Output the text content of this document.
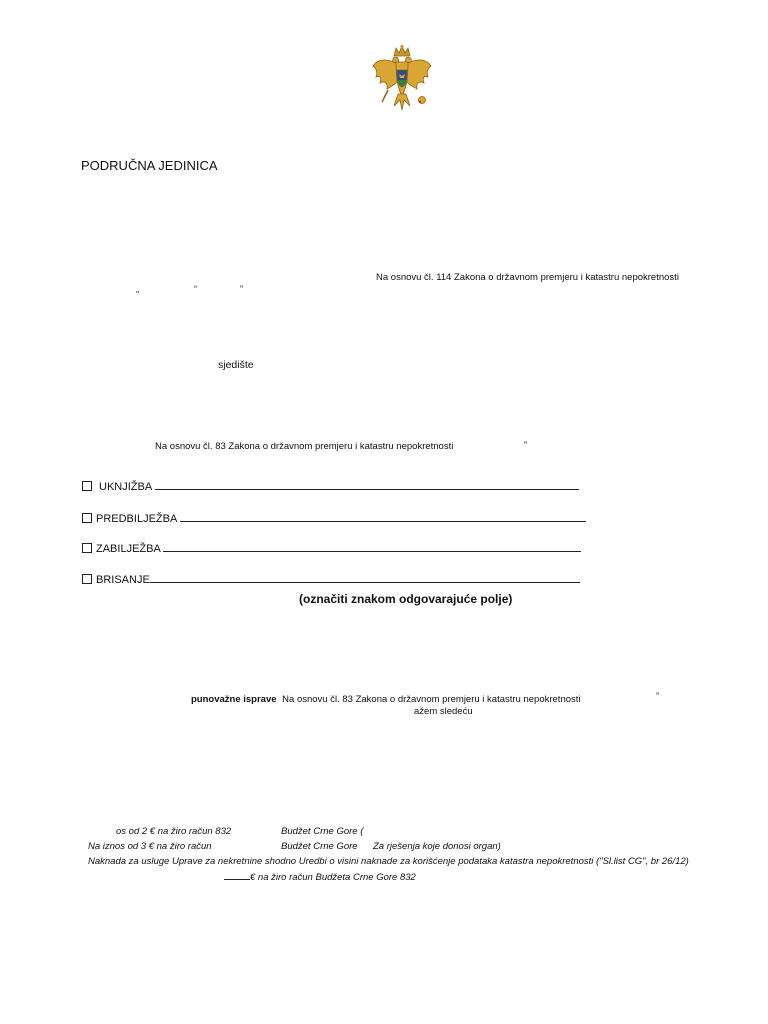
PODRUČNA JEDINICA
Na osnovu čl. 114 Zakona o državnom premjeru i katastru nepokretnosti
„	“	”
sjedište
Na osnovu čl. 83 Zakona o državnom premjeru i katastru nepokretnosti	”
UKNJIŽBA
PREDBILJEŽBA
ZABILJEŽBA
BRISANJE
(označiti znakom odgovarajuće polje)
punovažne isprave Na osnovu čl. 83 Zakona o državnom premjeru i katastru nepokretnosti	”
ažem sledeću
os od 2 € na žiro račun 832	Budžet Crne Gore (
Na iznos od 3 € na žiro račun	Budžet Crne Gore Za rješenja koje donosi organ)
Naknada za usluge Uprave za nekretnine shodno Uredbi o visini naknade za korišćenje podataka katastra nepokretnosti ("Sl.list CG", br 26/12)
€ na žiro račun Budžeta Crne Gore 832
